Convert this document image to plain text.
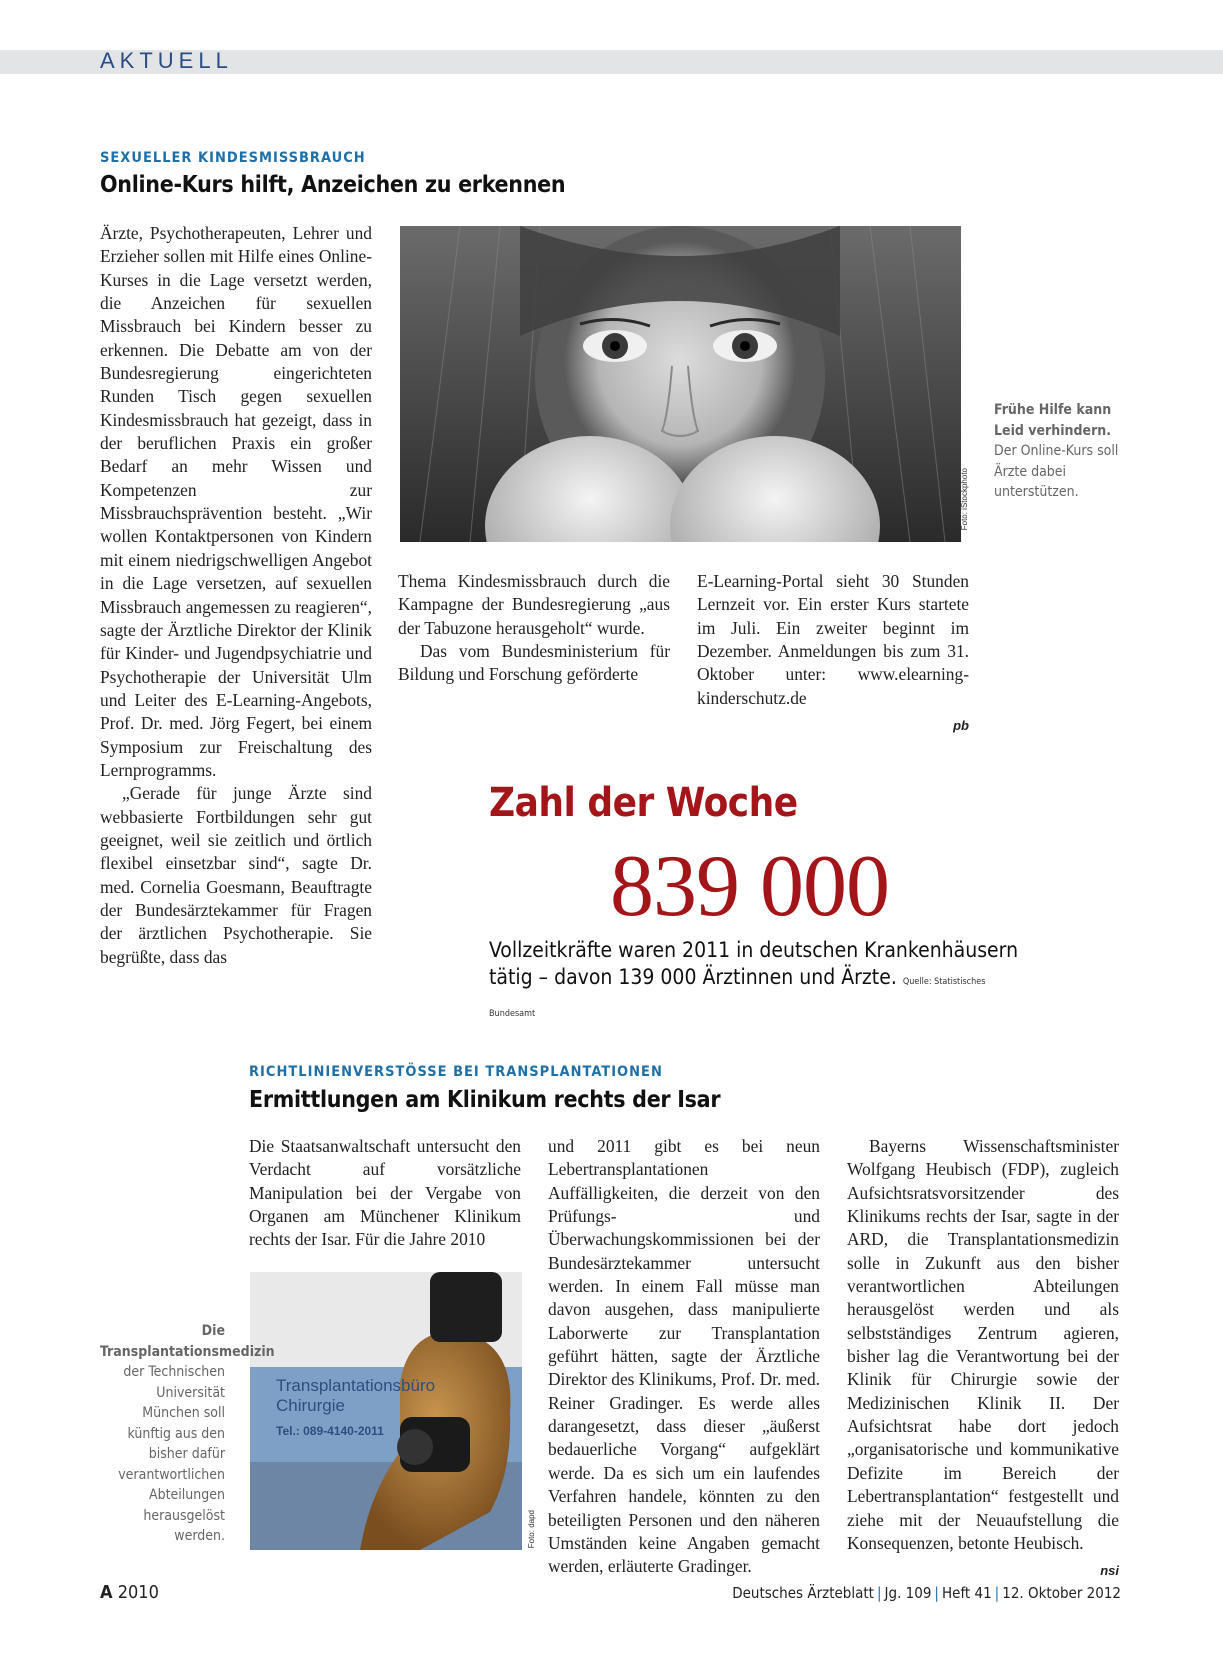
AKTUELL
SEXUELLER KINDESMISSBRAUCH
Online-Kurs hilft, Anzeichen zu erkennen

Ärzte, Psychotherapeuten, Lehrer und Erzieher sollen mit Hilfe eines Online-Kurses in die Lage versetzt werden, die Anzeichen für sexuellen Missbrauch bei Kindern besser zu erkennen. Die Debatte am von der Bundesregierung eingerichteten Runden Tisch gegen sexuellen Kindesmissbrauch hat gezeigt, dass in der beruflichen Praxis ein großer Bedarf an mehr Wissen und Kompetenzen zur Missbrauchsprävention besteht. „Wir wollen Kontaktpersonen von Kindern mit einem niedrigschwelligen Angebot in die Lage versetzen, auf sexuellen Missbrauch angemessen zu reagieren“, sagte der Ärztliche Direktor der Klinik für Kinder- und Jugendpsychiatrie und Psychotherapie der Universität Ulm und Leiter des E-Learning-Angebots, Prof. Dr. med. Jörg Fegert, bei einem Symposium zur Freischaltung des Lernprogramms.

„Gerade für junge Ärzte sind webbasierte Fortbildungen sehr gut geeignet, weil sie zeitlich und örtlich flexibel einsetzbar sind“, sagte Dr. med. Cornelia Goesmann, Beauftragte der Bundesärztekammer für Fragen der ärztlichen Psychotherapie. Sie begrüßte, dass das

Foto: iStockphoto
Frühe Hilfe kann Leid verhindern. Der Online-Kurs soll Ärzte dabei unterstützen.

Thema Kindesmissbrauch durch die Kampagne der Bundesregierung „aus der Tabuzone herausgeholt“ wurde.

Das vom Bundesministerium für Bildung und Forschung geförderte

E-Learning-Portal sieht 30 Stunden Lernzeit vor. Ein erster Kurs startete im Juli. Ein zweiter beginnt im Dezember. Anmeldungen bis zum 31. Oktober unter: www.elearning-kinderschutz.de

pb
Zahl der Woche
839 000
Vollzeitkräfte waren 2011 in deutschen Krankenhäusern tätig – davon 139 000 Ärztinnen und Ärzte. Quelle: Statistisches Bundesamt
RICHTLINIENVERSTÖSSE BEI TRANSPLANTATIONEN
Ermittlungen am Klinikum rechts der Isar

Die Staatsanwaltschaft untersucht den Verdacht auf vorsätzliche Manipulation bei der Vergabe von Organen am Münchener Klinikum rechts der Isar. Für die Jahre 2010

Transplantationsbüro
Chirurgie
Tel.: 089-4140-2011
Foto: dapd
Die Transplantationsmedizin der Technischen Universität München soll künftig aus den bisher dafür verantwortlichen Abteilungen herausgelöst werden.

und 2011 gibt es bei neun Lebertransplantationen Auffälligkeiten, die derzeit von den Prüfungs- und Überwachungskommissionen bei der Bundesärztekammer untersucht werden. In einem Fall müsse man davon ausgehen, dass manipulierte Laborwerte zur Transplantation geführt hätten, sagte der Ärztliche Direktor des Klinikums, Prof. Dr. med. Reiner Gradinger. Es werde alles darangesetzt, dass dieser „äußerst bedauerliche Vorgang“ aufgeklärt werde. Da es sich um ein laufendes Verfahren handele, könnten zu den beteiligten Personen und den näheren Umständen keine Angaben gemacht werden, erläuterte Gradinger.

Bayerns Wissenschaftsminister Wolfgang Heubisch (FDP), zugleich Aufsichtsratsvorsitzender des Klinikums rechts der Isar, sagte in der ARD, die Transplantationsmedizin solle in Zukunft aus den bisher verantwortlichen Abteilungen herausgelöst werden und als selbstständiges Zentrum agieren, bisher lag die Verantwortung bei der Klinik für Chirurgie sowie der Medizinischen Klinik II. Der Aufsichtsrat habe dort jedoch „organisatorische und kommunikative Defizite im Bereich der Lebertransplantation“ festgestellt und ziehe mit der Neuaufstellung die Konsequenzen, betonte Heubisch.

nsi
A 2010	Deutsches Ärzteblatt | Jg. 109 | Heft 41 | 12. Oktober 2012
